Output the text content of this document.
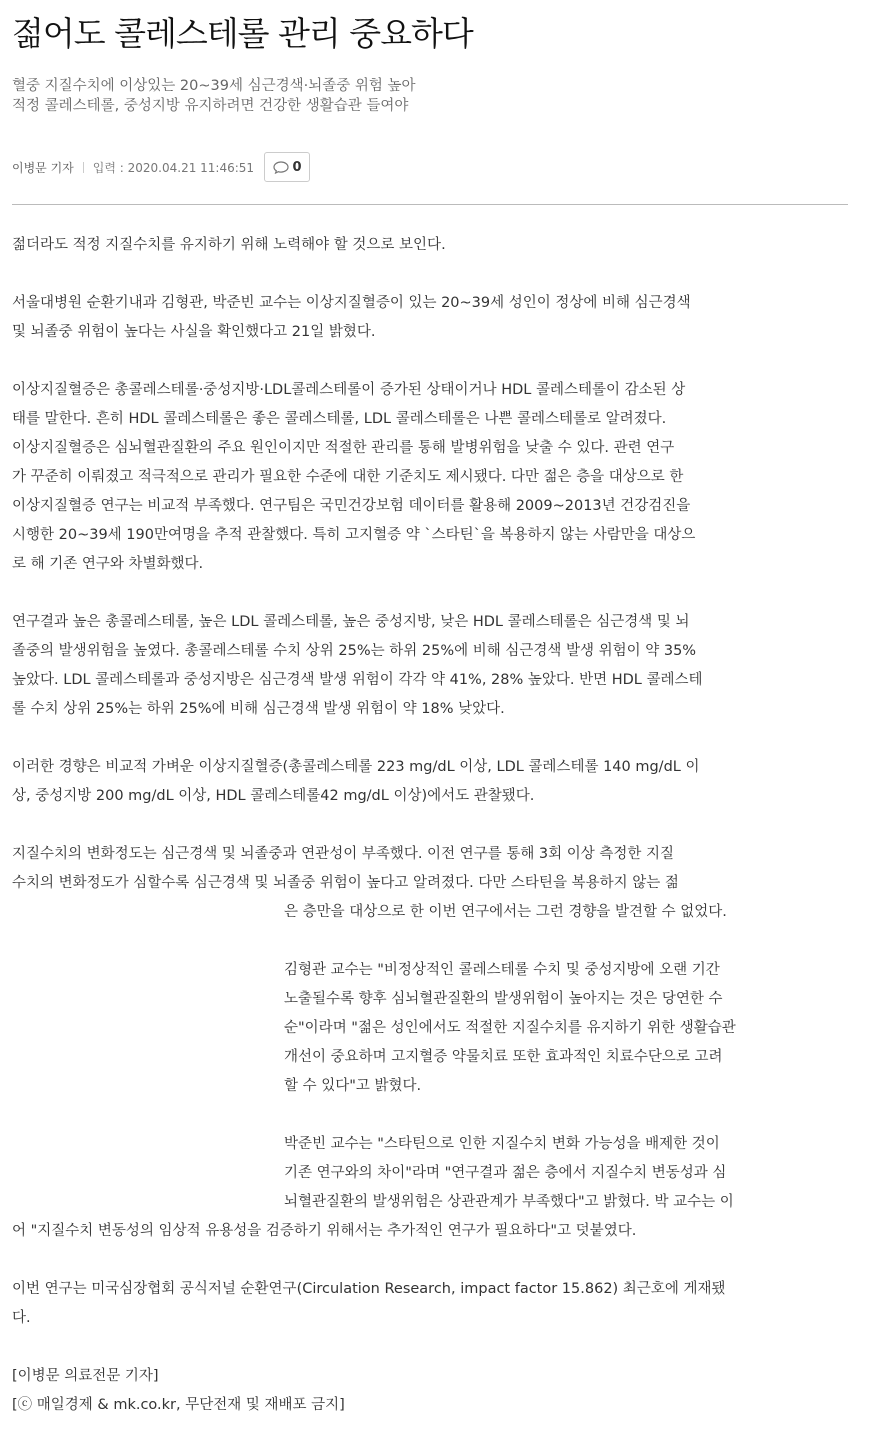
젊어도 콜레스테롤 관리 중요하다
혈중 지질수치에 이상있는 20~39세 심근경색·뇌졸중 위험 높아
적정 콜레스테롤, 중성지방 유지하려면 건강한 생활습관 들여야
이병문 기자 입력 : 2020.04.21 11:46:51	0

젊더라도 적정 지질수치를 유지하기 위해 노력해야 할 것으로 보인다.

서울대병원 순환기내과 김형관, 박준빈 교수는 이상지질혈증이 있는 20~39세 성인이 정상에 비해 심근경색
및 뇌졸중 위험이 높다는 사실을 확인했다고 21일 밝혔다.

이상지질혈증은 총콜레스테롤·중성지방·LDL콜레스테롤이 증가된 상태이거나 HDL 콜레스테롤이 감소된 상
태를 말한다. 흔히 HDL 콜레스테롤은 좋은 콜레스테롤, LDL 콜레스테롤은 나쁜 콜레스테롤로 알려졌다.
이상지질혈증은 심뇌혈관질환의 주요 원인이지만 적절한 관리를 통해 발병위험을 낮출 수 있다. 관련 연구
가 꾸준히 이뤄졌고 적극적으로 관리가 필요한 수준에 대한 기준치도 제시됐다. 다만 젊은 층을 대상으로 한
이상지질혈증 연구는 비교적 부족했다. 연구팀은 국민건강보험 데이터를 활용해 2009~2013년 건강검진을
시행한 20~39세 190만여명을 추적 관찰했다. 특히 고지혈증 약 `스타틴`을 복용하지 않는 사람만을 대상으
로 해 기존 연구와 차별화했다.

연구결과 높은 총콜레스테롤, 높은 LDL 콜레스테롤, 높은 중성지방, 낮은 HDL 콜레스테롤은 심근경색 및 뇌
졸중의 발생위험을 높였다. 총콜레스테롤 수치 상위 25%는 하위 25%에 비해 심근경색 발생 위험이 약 35%
높았다. LDL 콜레스테롤과 중성지방은 심근경색 발생 위험이 각각 약 41%, 28% 높았다. 반면 HDL 콜레스테
롤 수치 상위 25%는 하위 25%에 비해 심근경색 발생 위험이 약 18% 낮았다.

이러한 경향은 비교적 가벼운 이상지질혈증(총콜레스테롤 223 mg/dL 이상, LDL 콜레스테롤 140 mg/dL 이
상, 중성지방 200 mg/dL 이상, HDL 콜레스테롤42 mg/dL 이상)에서도 관찰됐다.

지질수치의 변화정도는 심근경색 및 뇌졸중과 연관성이 부족했다. 이전 연구를 통해 3회 이상 측정한 지질
수치의 변화정도가 심할수록 심근경색 및 뇌졸중 위험이 높다고 알려졌다. 다만 스타틴을 복용하지 않는 젊

은 층만을 대상으로 한 이번 연구에서는 그런 경향을 발견할 수 없었다.

김형관 교수는 "비정상적인 콜레스테롤 수치 및 중성지방에 오랜 기간
노출될수록 향후 심뇌혈관질환의 발생위험이 높아지는 것은 당연한 수
순"이라며 "젊은 성인에서도 적절한 지질수치를 유지하기 위한 생활습관
개선이 중요하며 고지혈증 약물치료 또한 효과적인 치료수단으로 고려
할 수 있다"고 밝혔다.

박준빈 교수는 "스타틴으로 인한 지질수치 변화 가능성을 배제한 것이
기존 연구와의 차이"라며 "연구결과 젊은 층에서 지질수치 변동성과 심
뇌혈관질환의 발생위험은 상관관계가 부족했다"고 밝혔다. 박 교수는 이

어 "지질수치 변동성의 임상적 유용성을 검증하기 위해서는 추가적인 연구가 필요하다"고 덧붙였다.

이번 연구는 미국심장협회 공식저널 순환연구(Circulation Research, impact factor 15.862) 최근호에 게재됐
다.

[이병문 의료전문 기자]

[ⓒ 매일경제 & mk.co.kr, 무단전재 및 재배포 금지]
